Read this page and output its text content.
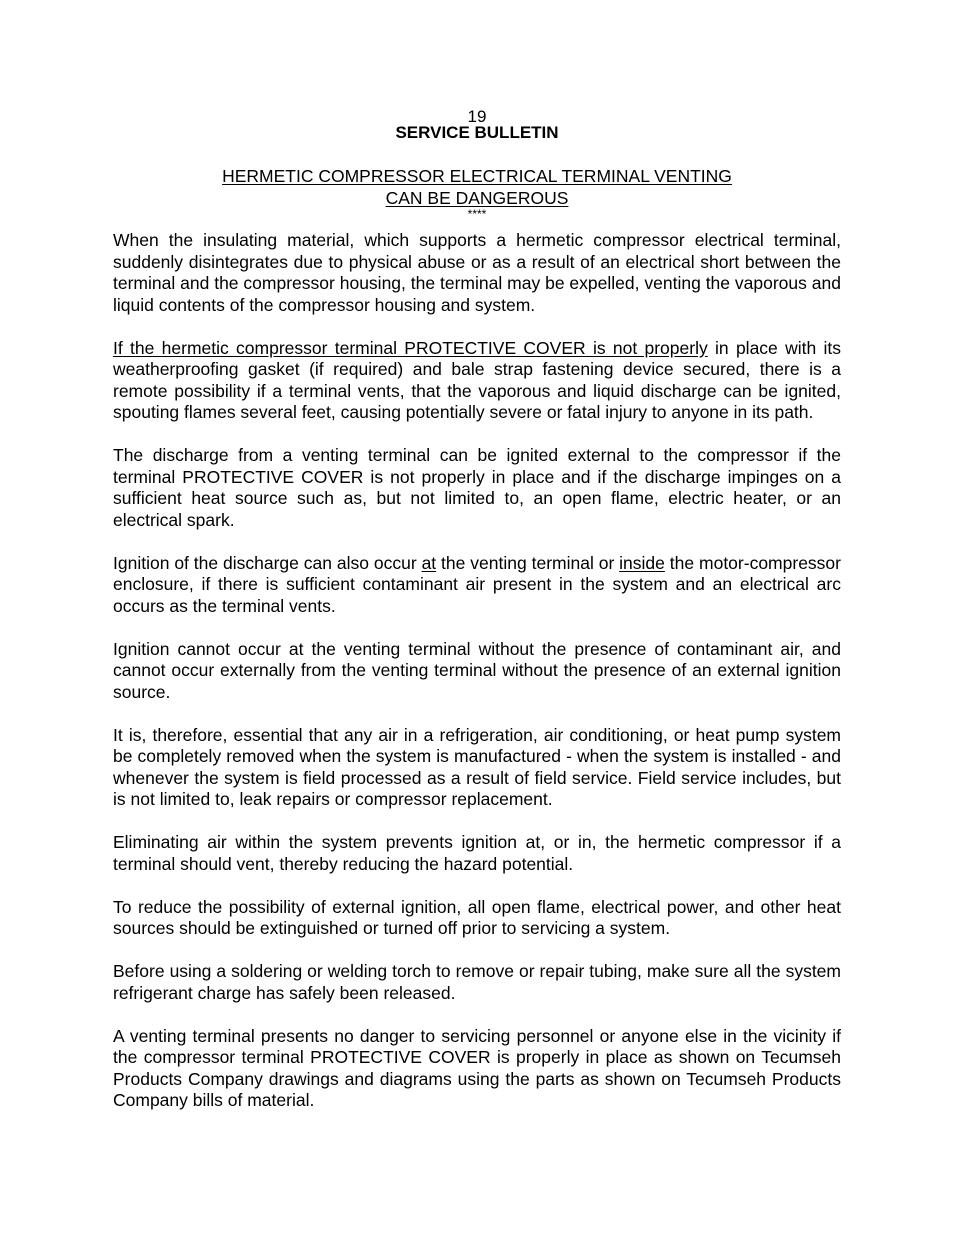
19
SERVICE BULLETIN
HERMETIC COMPRESSOR ELECTRICAL TERMINAL VENTING
CAN BE DANGEROUS
****

When the insulating material, which supports a hermetic compressor electrical terminal, suddenly disintegrates due to physical abuse or as a result of an electrical short between the terminal and the compressor housing, the terminal may be expelled, venting the vaporous and liquid contents of the compressor housing and system.

If the hermetic compressor terminal PROTECTIVE COVER is not properly in place with its weatherproofing gasket (if required) and bale strap fastening device secured, there is a remote possibility if a terminal vents, that the vaporous and liquid discharge can be ignited, spouting flames several feet, causing potentially severe or fatal injury to anyone in its path.

The discharge from a venting terminal can be ignited external to the compressor if the terminal PROTECTIVE COVER is not properly in place and if the discharge impinges on a sufficient heat source such as, but not limited to, an open flame, electric heater, or an electrical spark.

Ignition of the discharge can also occur at the venting terminal or inside the motor-compressor enclosure, if there is sufficient contaminant air present in the system and an electrical arc occurs as the terminal vents.

Ignition cannot occur at the venting terminal without the presence of contaminant air, and cannot occur externally from the venting terminal without the presence of an external ignition source.

It is, therefore, essential that any air in a refrigeration, air conditioning, or heat pump system be completely removed when the system is manufactured - when the system is installed - and whenever the system is field processed as a result of field service. Field service includes, but is not limited to, leak repairs or compressor replacement.

Eliminating air within the system prevents ignition at, or in, the hermetic compressor if a terminal should vent, thereby reducing the hazard potential.

To reduce the possibility of external ignition, all open flame, electrical power, and other heat sources should be extinguished or turned off prior to servicing a system.

Before using a soldering or welding torch to remove or repair tubing, make sure all the system refrigerant charge has safely been released.

A venting terminal presents no danger to servicing personnel or anyone else in the vicinity if the compressor terminal PROTECTIVE COVER is properly in place as shown on Tecumseh Products Company drawings and diagrams using the parts as shown on Tecumseh Products Company bills of material.
